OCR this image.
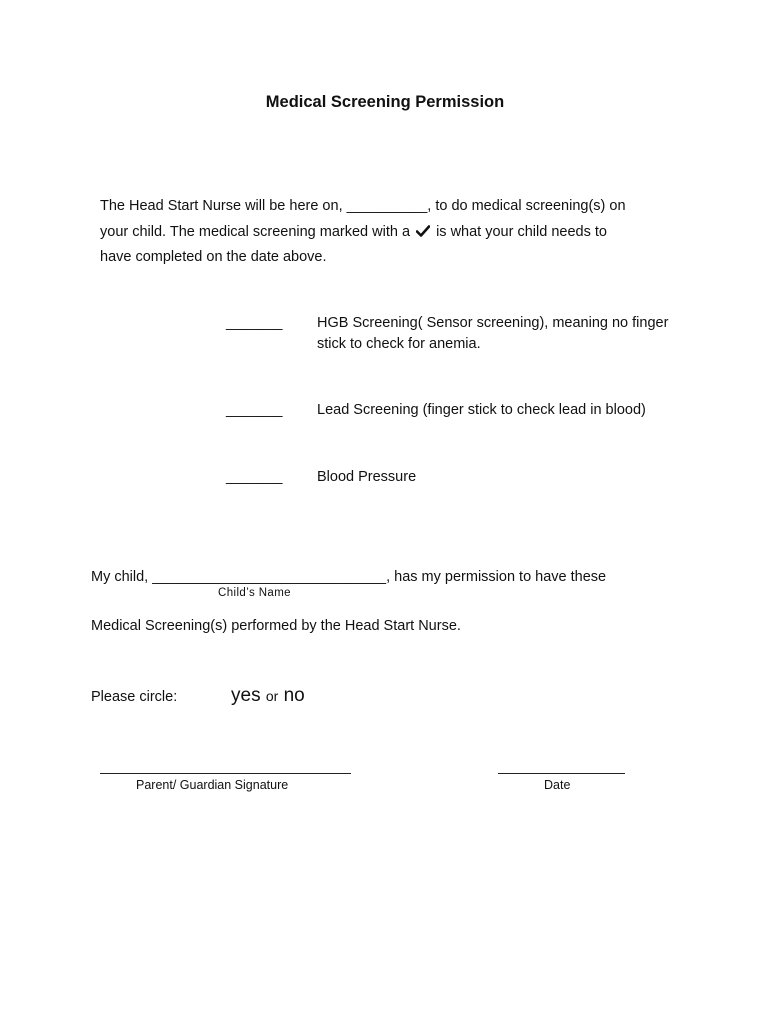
Medical Screening Permission
The Head Start Nurse will be here on, __________, to do medical screening(s) on
your child. The medical screening marked with a is what your child needs to
have completed on the date above.
_______ HGB Screening( Sensor screening), meaning no finger stick to check for anemia.
_______ Lead Screening (finger stick to check lead in blood)
_______ Blood Pressure
My child, _____________________________, has my permission to have these
Child’s Name
Medical Screening(s) performed by the Head Start Nurse.
Please circle:	yes or no
Parent/ Guardian Signature	Date
